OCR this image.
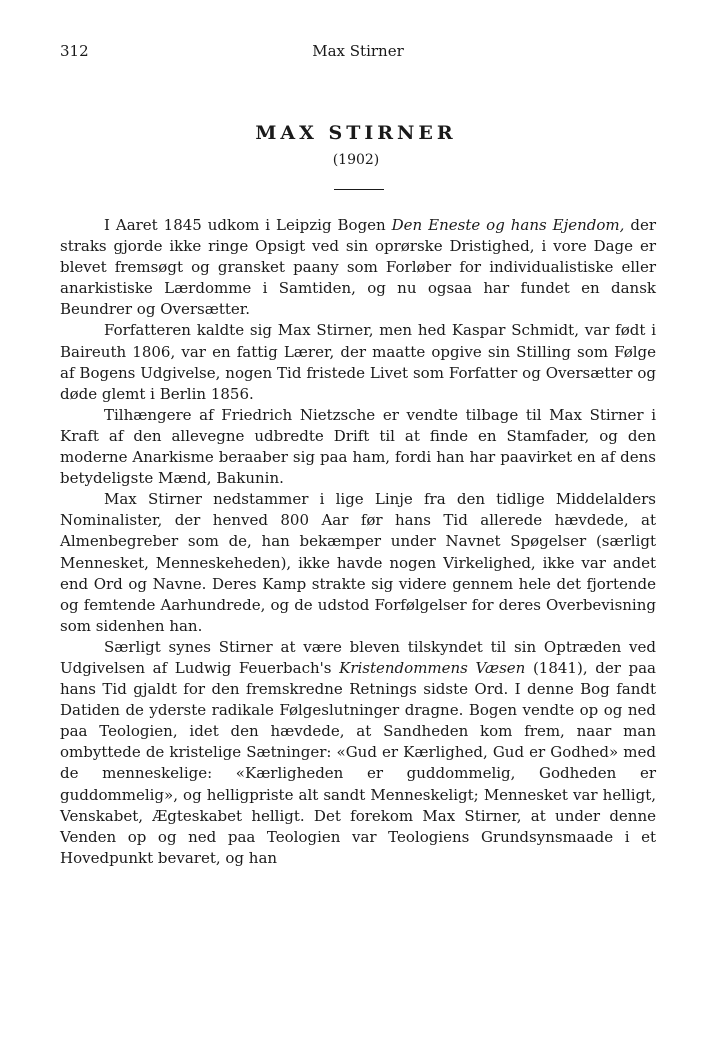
312	Max Stirner
MAX STIRNER
(1902)

I Aaret 1845 udkom i Leipzig Bogen Den Eneste og hans Ejendom, der straks gjorde ikke ringe Opsigt ved sin oprørske Dristighed, i vore Dage er blevet fremsøgt og gransket paany som Forløber for individualistiske eller anarkistiske Lærdomme i Samtiden, og nu ogsaa har fundet en dansk Beundrer og Oversætter.

Forfatteren kaldte sig Max Stirner, men hed Kaspar Schmidt, var født i Baireuth 1806, var en fattig Lærer, der maatte opgive sin Stilling som Følge af Bogens Udgivelse, nogen Tid fristede Livet som Forfatter og Oversætter og døde glemt i Berlin 1856.

Tilhængere af Friedrich Nietzsche er vendte tilbage til Max Stirner i Kraft af den allevegne udbredte Drift til at finde en Stamfader, og den moderne Anarkisme beraaber sig paa ham, fordi han har paavirket en af dens betydeligste Mænd, Bakunin.

Max Stirner nedstammer i lige Linje fra den tidlige Middelalders Nominalister, der henved 800 Aar før hans Tid allerede hævdede, at Almenbegreber som de, han bekæmper under Navnet Spøgelser (særligt Mennesket, Menneskeheden), ikke havde nogen Virkelighed, ikke var andet end Ord og Navne. Deres Kamp strakte sig videre gennem hele det fjortende og femtende Aarhundrede, og de udstod Forfølgelser for deres Overbevisning som sidenhen han.

Særligt synes Stirner at være bleven tilskyndet til sin Optræden ved Udgivelsen af Ludwig Feuerbach's Kristendommens Væsen (1841), der paa hans Tid gjaldt for den fremskredne Retnings sidste Ord. I denne Bog fandt Datiden de yderste radikale Følgeslutninger dragne. Bogen vendte op og ned paa Teologien, idet den hævdede, at Sandheden kom frem, naar man ombyttede de kristelige Sætninger: «Gud er Kærlighed, Gud er Godhed» med de menneskelige: «Kærligheden er guddommelig, Godheden er guddommelig», og helligpriste alt sandt Menneskeligt; Mennesket var helligt, Venskabet, Ægteskabet helligt. Det forekom Max Stirner, at under denne Venden op og ned paa Teologien var Teologiens Grundsynsmaade i et Hovedpunkt bevaret, og han
